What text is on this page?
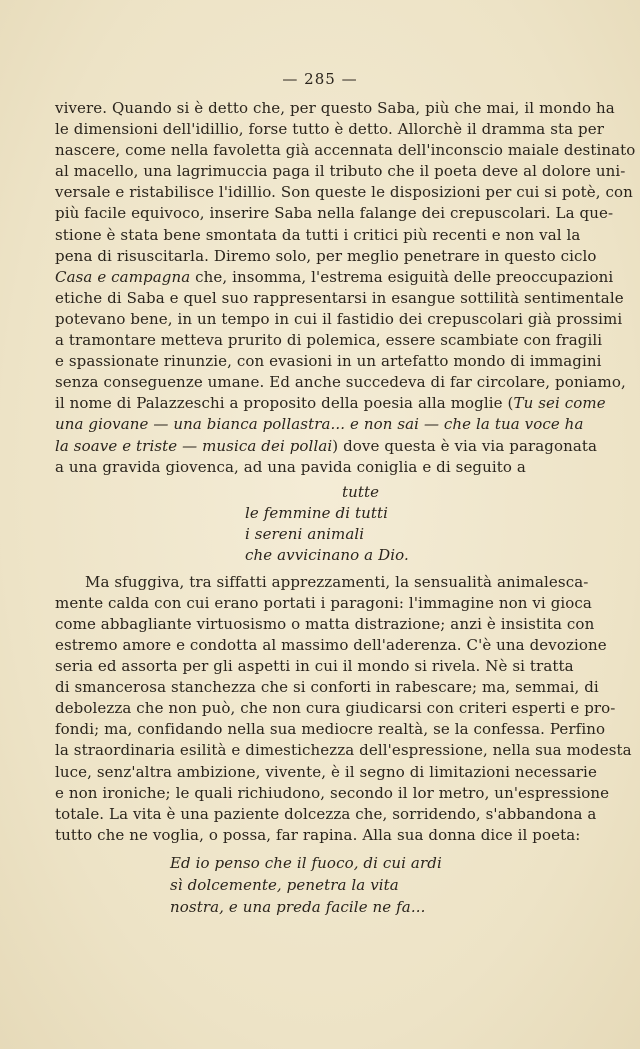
— 285 —

vivere. Quando si è detto che, per questo Saba, più che mai, il mondo ha
le dimensioni dell'idillio, forse tutto è detto. Allorchè il dramma sta per
nascere, come nella favoletta già accennata dell'inconscio maiale destinato
al macello, una lagrimuccia paga il tributo che il poeta deve al dolore uni-
versale e ristabilisce l'idillio. Son queste le disposizioni per cui si potè, con
più facile equivoco, inserire Saba nella falange dei crepuscolari. La que-
stione è stata bene smontata da tutti i critici più recenti e non val la
pena di risuscitarla. Diremo solo, per meglio penetrare in questo ciclo
Casa e campagna che, insomma, l'estrema esiguità delle preoccupazioni
etiche di Saba e quel suo rappresentarsi in esangue sottilità sentimentale
potevano bene, in un tempo in cui il fastidio dei crepuscolari già prossimi
a tramontare metteva prurito di polemica, essere scambiate con fragili
e spassionate rinunzie, con evasioni in un artefatto mondo di immagini
senza conseguenze umane. Ed anche succedeva di far circolare, poniamo,
il nome di Palazzeschi a proposito della poesia alla moglie (Tu sei come
una giovane — una bianca pollastra... e non sai — che la tua voce ha
la soave e triste — musica dei pollai) dove questa è via via paragonata
a una gravida giovenca, ad una pavida coniglia e di seguito a

tutte
le femmine di tutti
i sereni animali
che avvicinano a Dio.

Ma sfuggiva, tra siffatti apprezzamenti, la sensualità animalesca-
mente calda con cui erano portati i paragoni: l'immagine non vi gioca
come abbagliante virtuosismo o matta distrazione; anzi è insistita con
estremo amore e condotta al massimo dell'aderenza. C'è una devozione
seria ed assorta per gli aspetti in cui il mondo si rivela. Nè si tratta
di smancerosa stanchezza che si conforti in rabescare; ma, semmai, di
debolezza che non può, che non cura giudicarsi con criteri esperti e pro-
fondi; ma, confidando nella sua mediocre realtà, se la confessa. Perfino
la straordinaria esilità e dimestichezza dell'espressione, nella sua modesta
luce, senz'altra ambizione, vivente, è il segno di limitazioni necessarie
e non ironiche; le quali richiudono, secondo il lor metro, un'espressione
totale. La vita è una paziente dolcezza che, sorridendo, s'abbandona a
tutto che ne voglia, o possa, far rapina. Alla sua donna dice il poeta:

Ed io penso che il fuoco, di cui ardi
sì dolcemente, penetra la vita
nostra, e una preda facile ne fa...
